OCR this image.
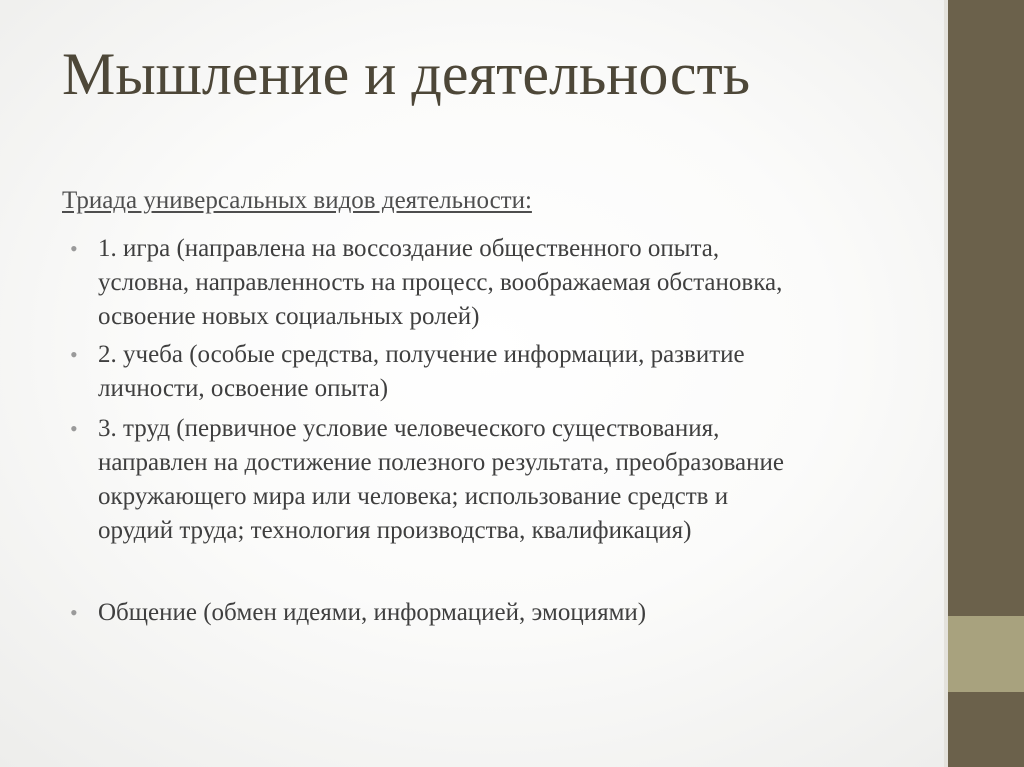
Мышление и деятельность

Триада универсальных видов деятельности:

• 1. игра (направлена на воссоздание общественного опыта,
условна, направленность на процесс, воображаемая обстановка,
освоение новых социальных ролей)
• 2. учеба (особые средства, получение информации, развитие
личности, освоение опыта)
• 3. труд (первичное условие человеческого существования,
направлен на достижение полезного результата, преобразование
окружающего мира или человека; использование средств и
орудий труда; технология производства, квалификация)
• Общение (обмен идеями, информацией, эмоциями)
